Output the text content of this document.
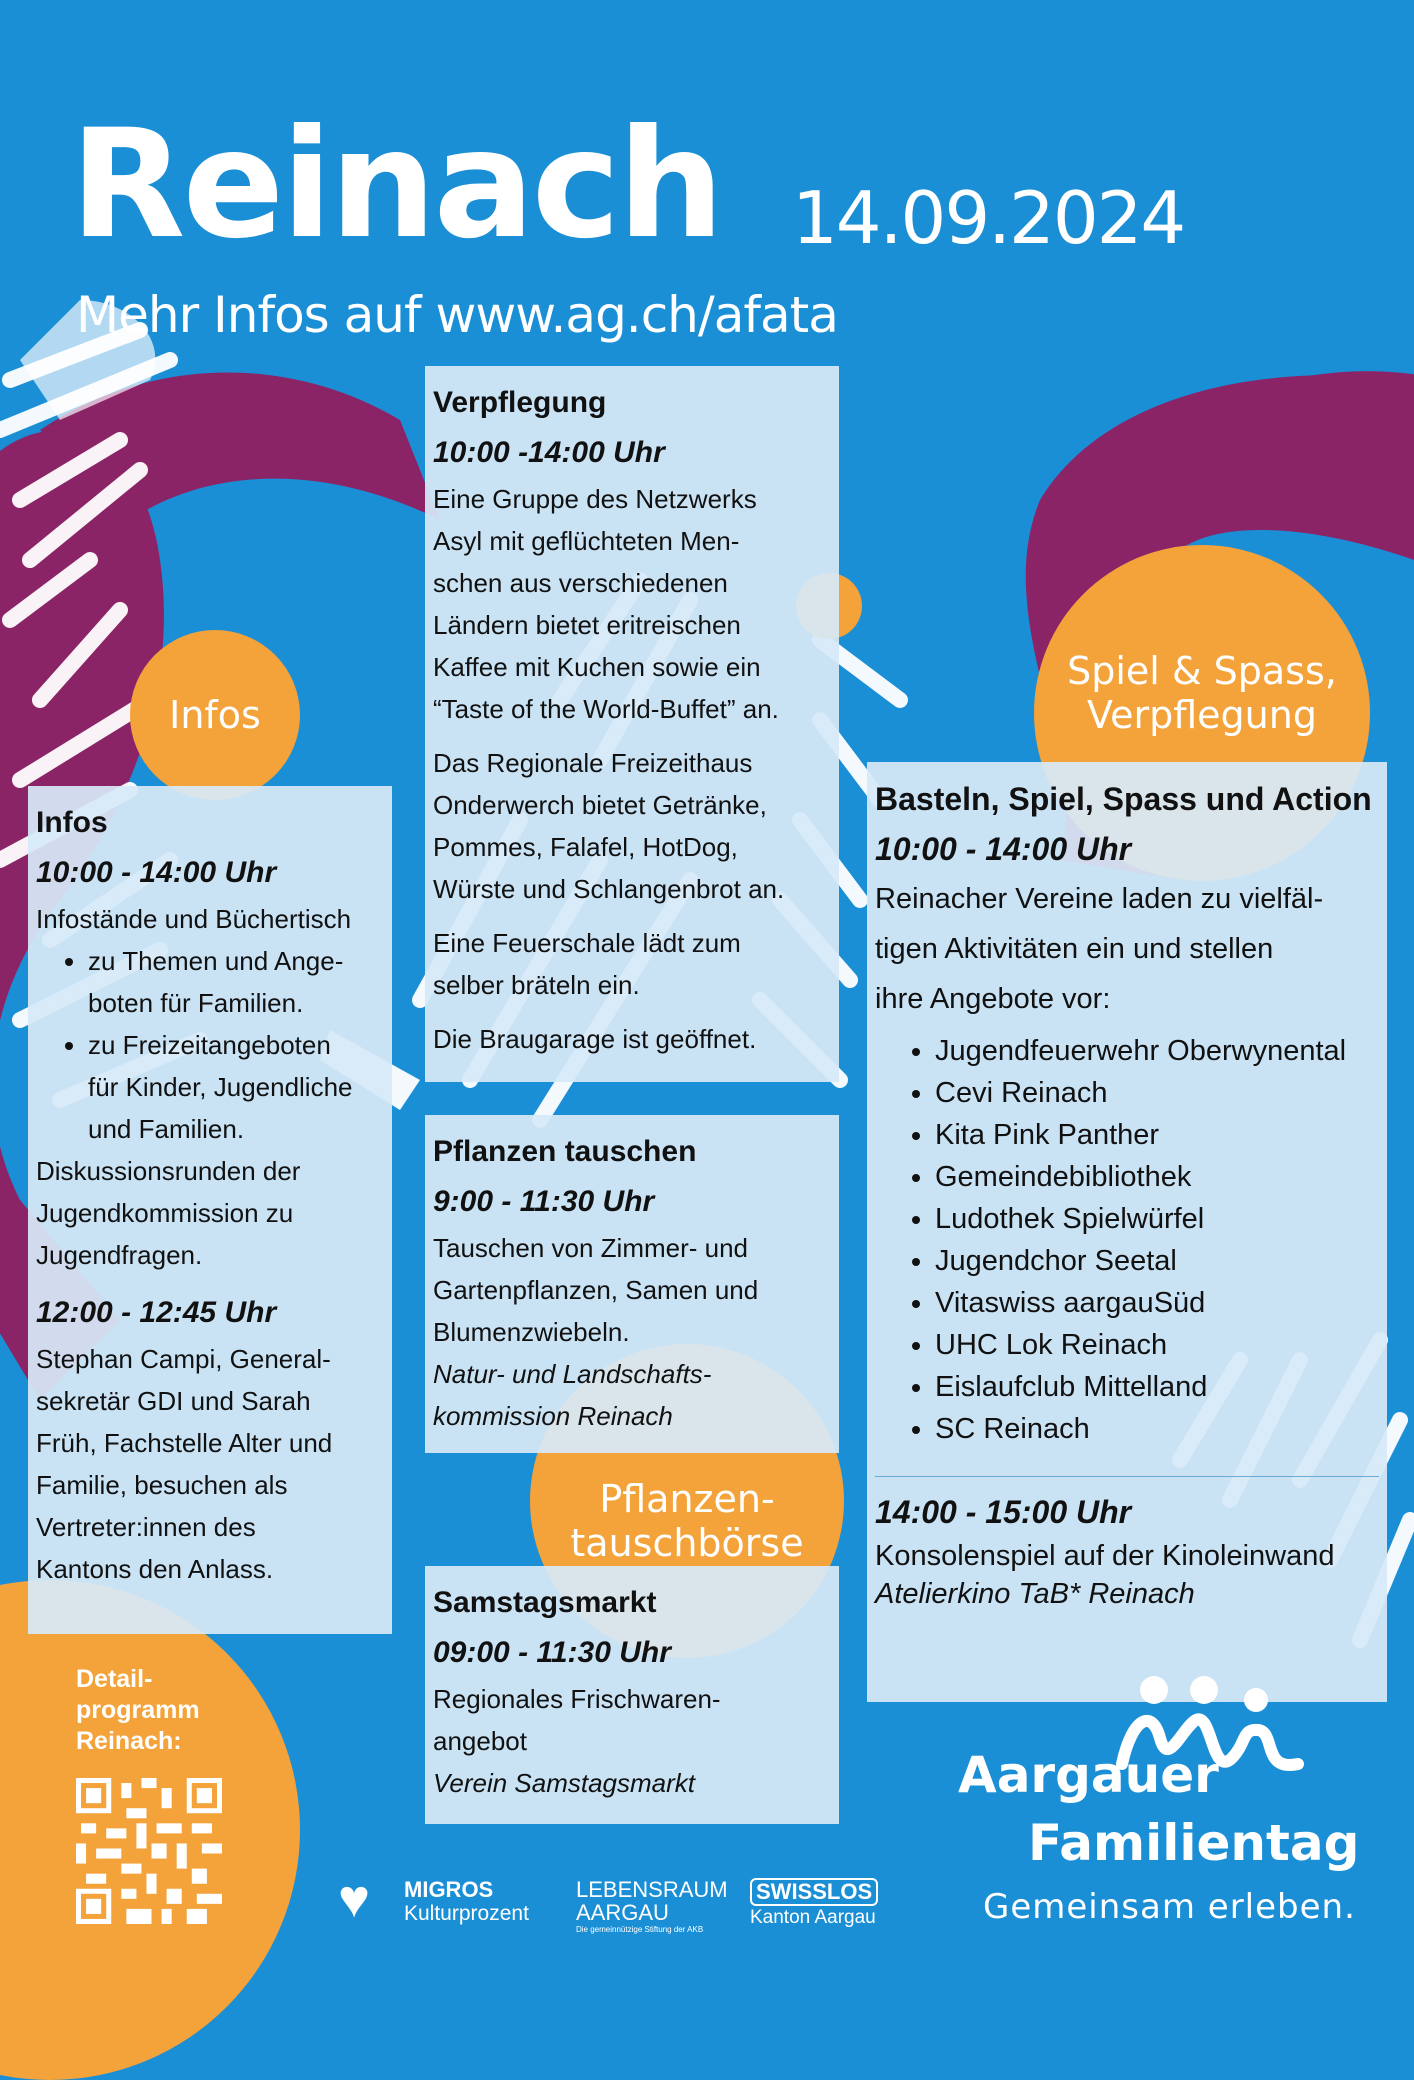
Reinach 14.09.2024
Mehr Infos auf www.ag.ch/afata
Infos
Spiel & Spass,
Verpflegung
Pflanzen-
tauschbörse

Infos

10:00 - 14:00 Uhr

Infostände und Büchertisch

• zu Themen und Ange-
boten für Familien.
• zu Freizeitangeboten
für Kinder, Jugendliche
und Familien.

Diskussionsrunden der

Jugendkommission zu

Jugendfragen.

12:00 - 12:45 Uhr

Stephan Campi, General-

sekretär GDI und Sarah

Früh, Fachstelle Alter und

Familie, besuchen als

Vertreter:innen des

Kantons den Anlass.

Verpflegung

10:00 -14:00 Uhr

Eine Gruppe des Netzwerks

Asyl mit geflüchteten Men-

schen aus verschiedenen

Ländern bietet eritreischen

Kaffee mit Kuchen sowie ein

“Taste of the World-Buffet” an.

Das Regionale Freizeithaus

Onderwerch bietet Getränke,

Pommes, Falafel, HotDog,

Würste und Schlangenbrot an.

Eine Feuerschale lädt zum

selber bräteln ein.

Die Braugarage ist geöffnet.

Pflanzen tauschen

9:00 - 11:30 Uhr

Tauschen von Zimmer- und

Gartenpflanzen, Samen und

Blumenzwiebeln.

Natur- und Landschafts-

kommission Reinach

Samstagsmarkt

09:00 - 11:30 Uhr

Regionales Frischwaren-

angebot

Verein Samstagsmarkt

Basteln, Spiel, Spass und Action

10:00 - 14:00 Uhr

Reinacher Vereine laden zu vielfäl-

tigen Aktivitäten ein und stellen

ihre Angebote vor:

• Jugendfeuerwehr Oberwynental
• Cevi Reinach
• Kita Pink Panther
• Gemeindebibliothek
• Ludothek Spielwürfel
• Jugendchor Seetal
• Vitaswiss aargauSüd
• UHC Lok Reinach
• Eislaufclub Mittelland
• SC Reinach

14:00 - 15:00 Uhr

Konsolenspiel auf der Kinoleinwand

Atelierkino TaB* Reinach

Detail-
programm
Reinach:
♥ MIGROS
Kulturprozent
LEBENSRAUM
AARGAU
Die gemeinnützige Stiftung der AKB
SWISSLOS
Kanton Aargau
Aargauer
Familientag
Gemeinsam erleben.
